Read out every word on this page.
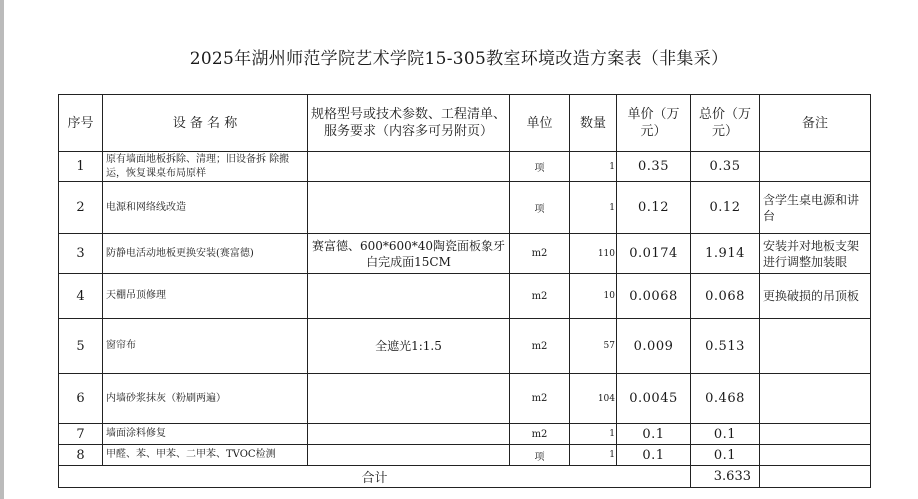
2025年湖州师范学院艺术学院15-305教室环境改造方案表（非集采）
序号	设 备 名 称	规格型号或技术参数、工程清单、服务要求（内容多可另附页）	单位	数量	单价（万元）	总价（万元）	备注
1	原有墙面地板拆除、清理；旧设备拆 除搬运，恢复课桌布局原样		项	1	0.35	0.35	
2	电源和网络线改造		项	1	0.12	0.12	含学生桌电源和讲台
3	防静电活动地板更换安装(赛富德)	赛富德、600*600*40陶瓷面板象牙白完成面15CM	m2	110	0.0174	1.914	安装并对地板支架进行调整加装眼
4	天棚吊顶修理		m2	10	0.0068	0.068	更换破损的吊顶板
5	窗帘布	全遮光1:1.5	m2	57	0.009	0.513	
6	内墙砂浆抹灰（粉刷两遍）		m2	104	0.0045	0.468	
7	墙面涂料修复		m2	1	0.1	0.1	
8	甲醛、苯、甲苯、二甲苯、TVOC检测		项	1	0.1	0.1	
合计						3.633	
